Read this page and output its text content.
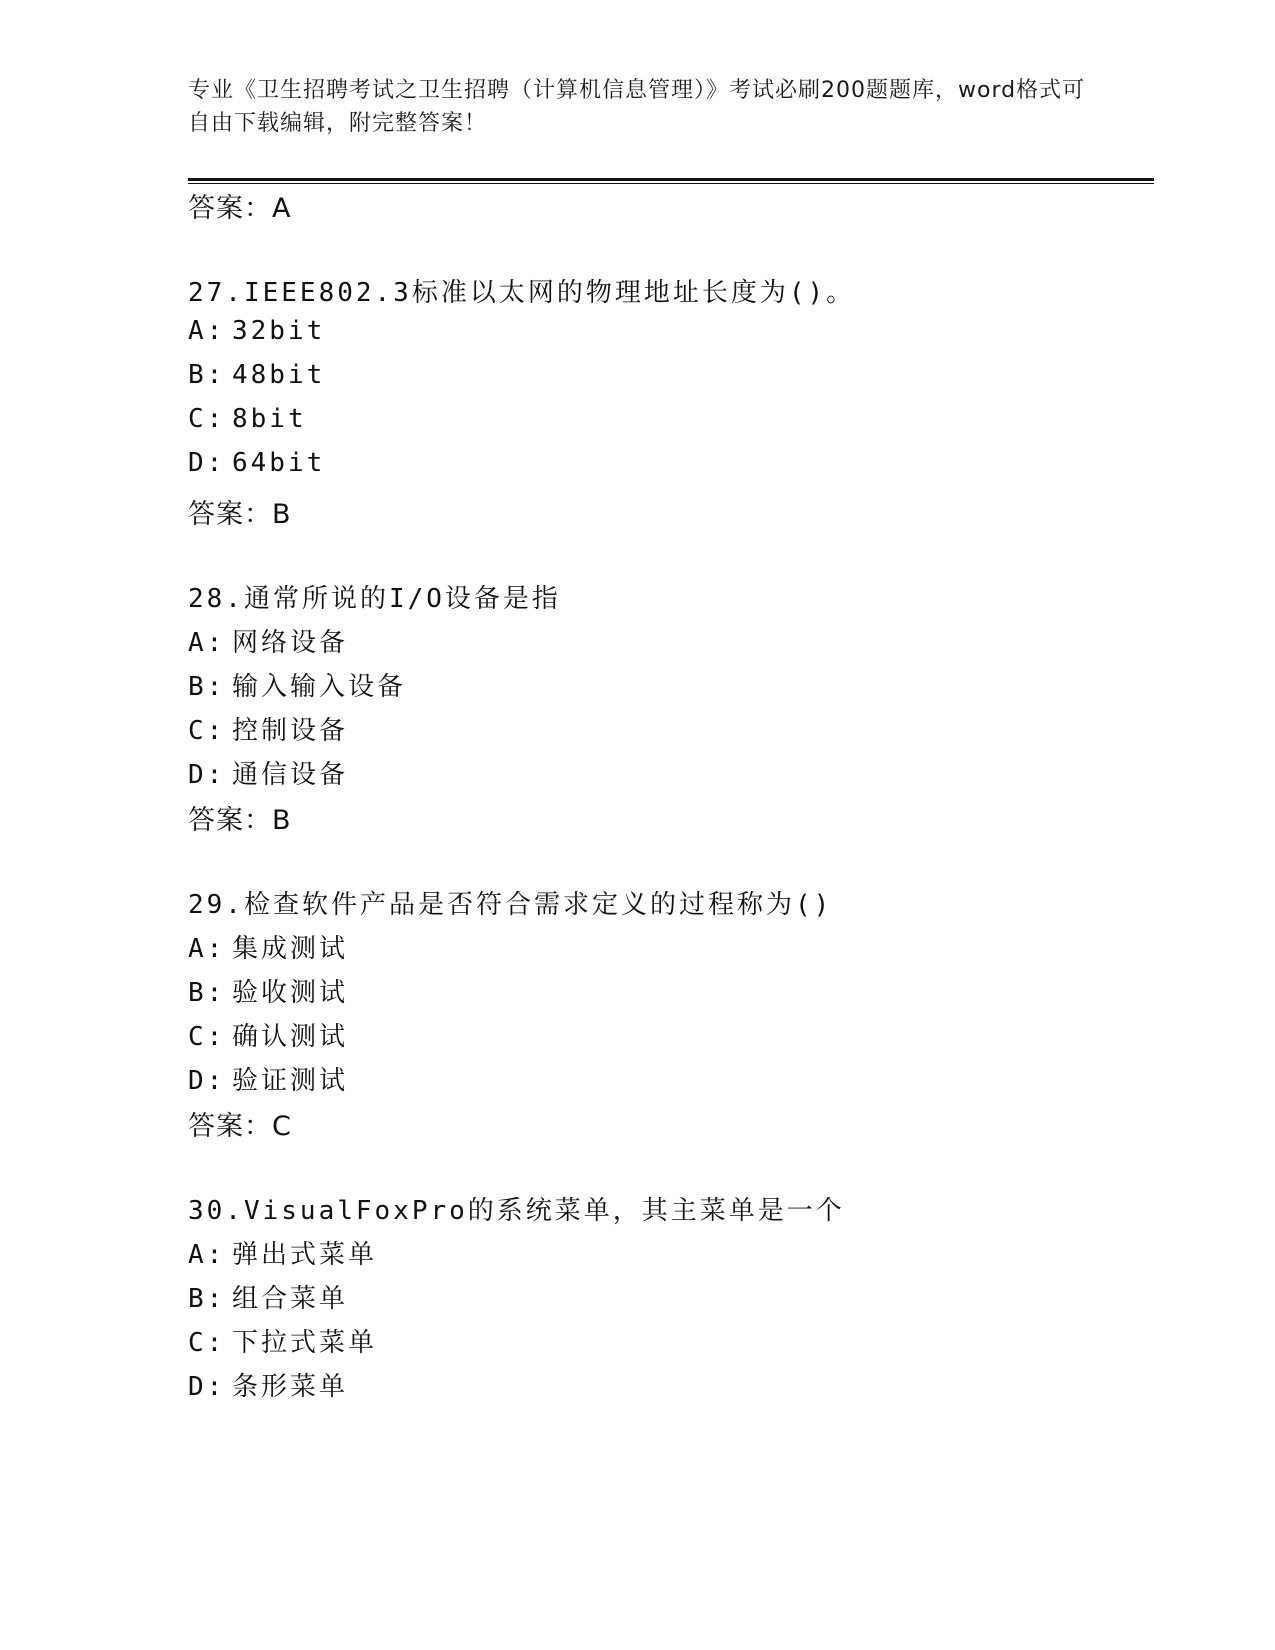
专业《卫生招聘考试之卫生招聘（计算机信息管理）》考试必刷200题题库，word格式可自由下载编辑，附完整答案！
答案：A
27.IEEE802.3标准以太网的物理地址长度为()。
A: 32bit
B: 48bit
C: 8bit
D: 64bit
答案：B
28.通常所说的I/O设备是指
A: 网络设备
B: 输入输入设备
C: 控制设备
D: 通信设备
答案：B
29.检查软件产品是否符合需求定义的过程称为()
A: 集成测试
B: 验收测试
C: 确认测试
D: 验证测试
答案：C
30.VisualFoxPro的系统菜单，其主菜单是一个
A: 弹出式菜单
B: 组合菜单
C: 下拉式菜单
D: 条形菜单
